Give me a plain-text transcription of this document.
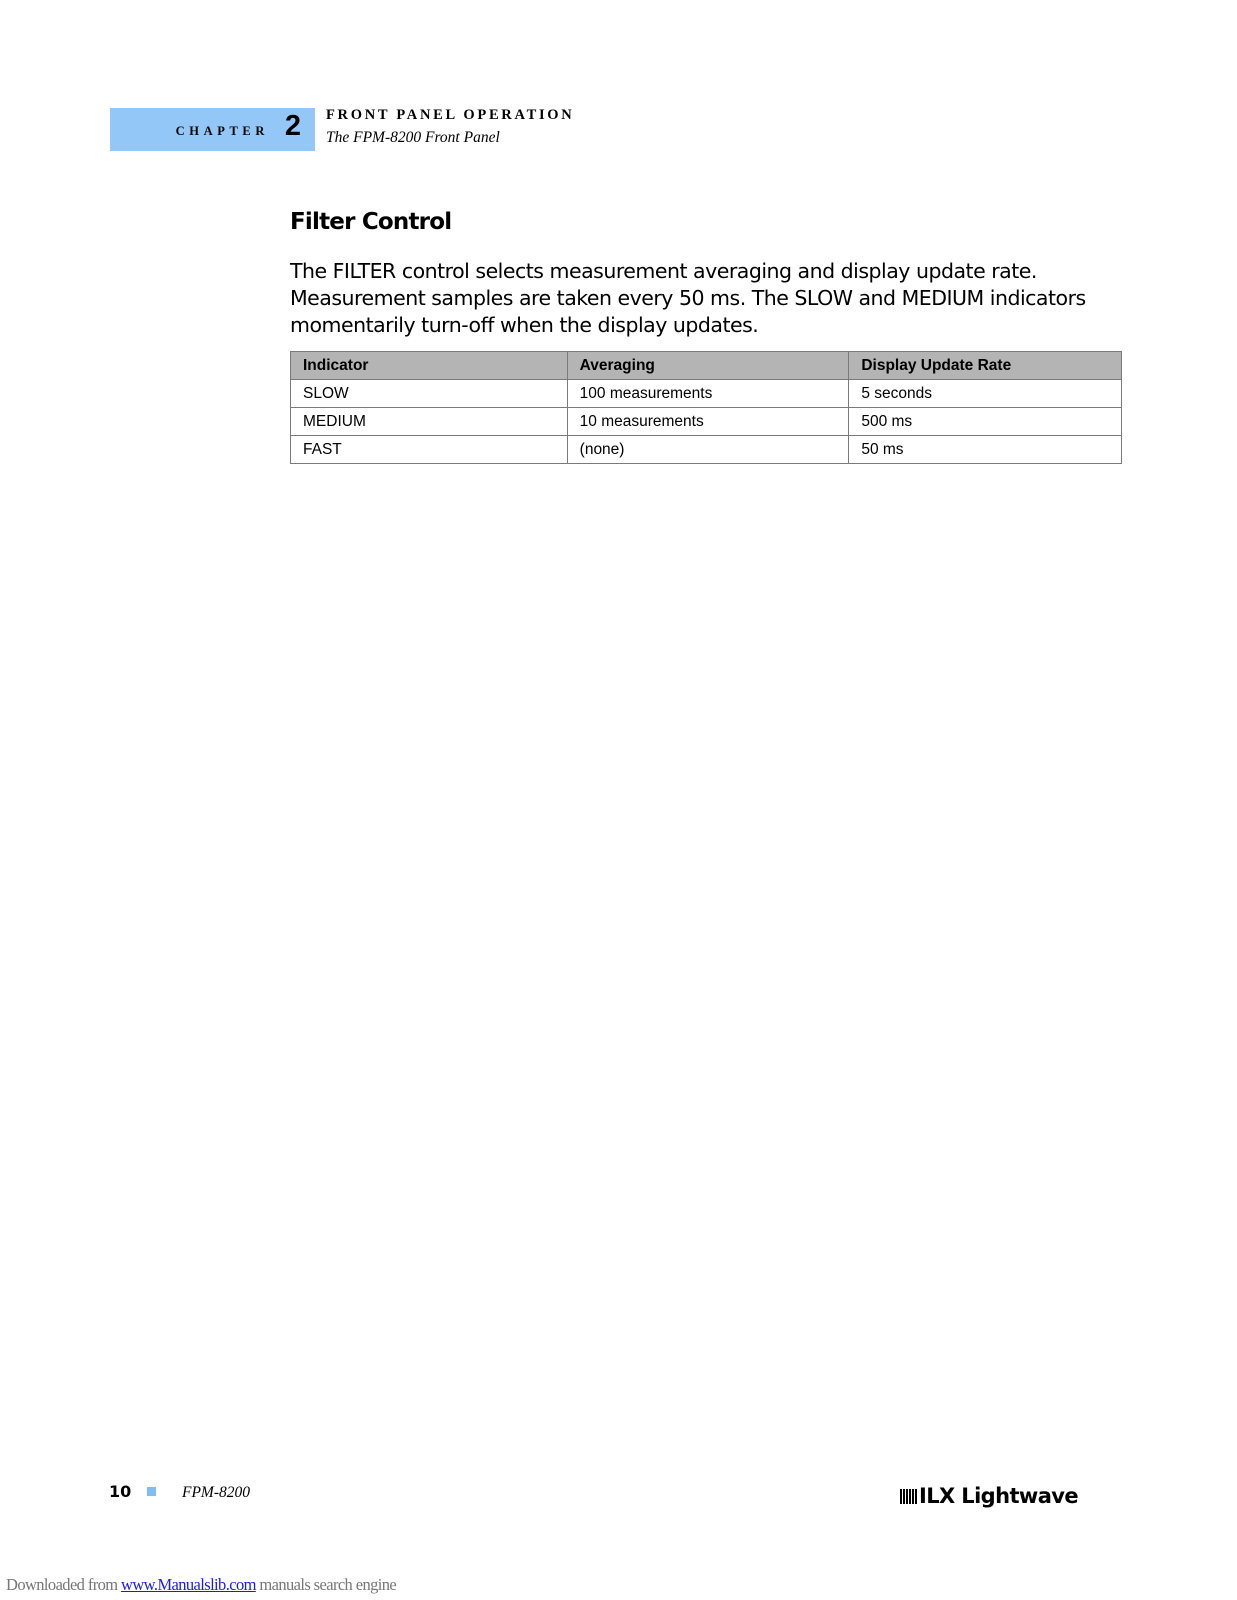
CHAPTER 2 FRONT PANEL OPERATION
The FPM-8200 Front Panel
Filter Control

The FILTER control selects measurement averaging and display update rate. Measurement samples are taken every 50 ms. The SLOW and MEDIUM indicators momentarily turn-off when the display updates.

Indicator	Averaging	Display Update Rate
SLOW	100 measurements	5 seconds
MEDIUM	10 measurements	500 ms
FAST	(none)	50 ms
10	FPM-8200	ILX Lightwave
Downloaded from www.Manualslib.com manuals search engine
